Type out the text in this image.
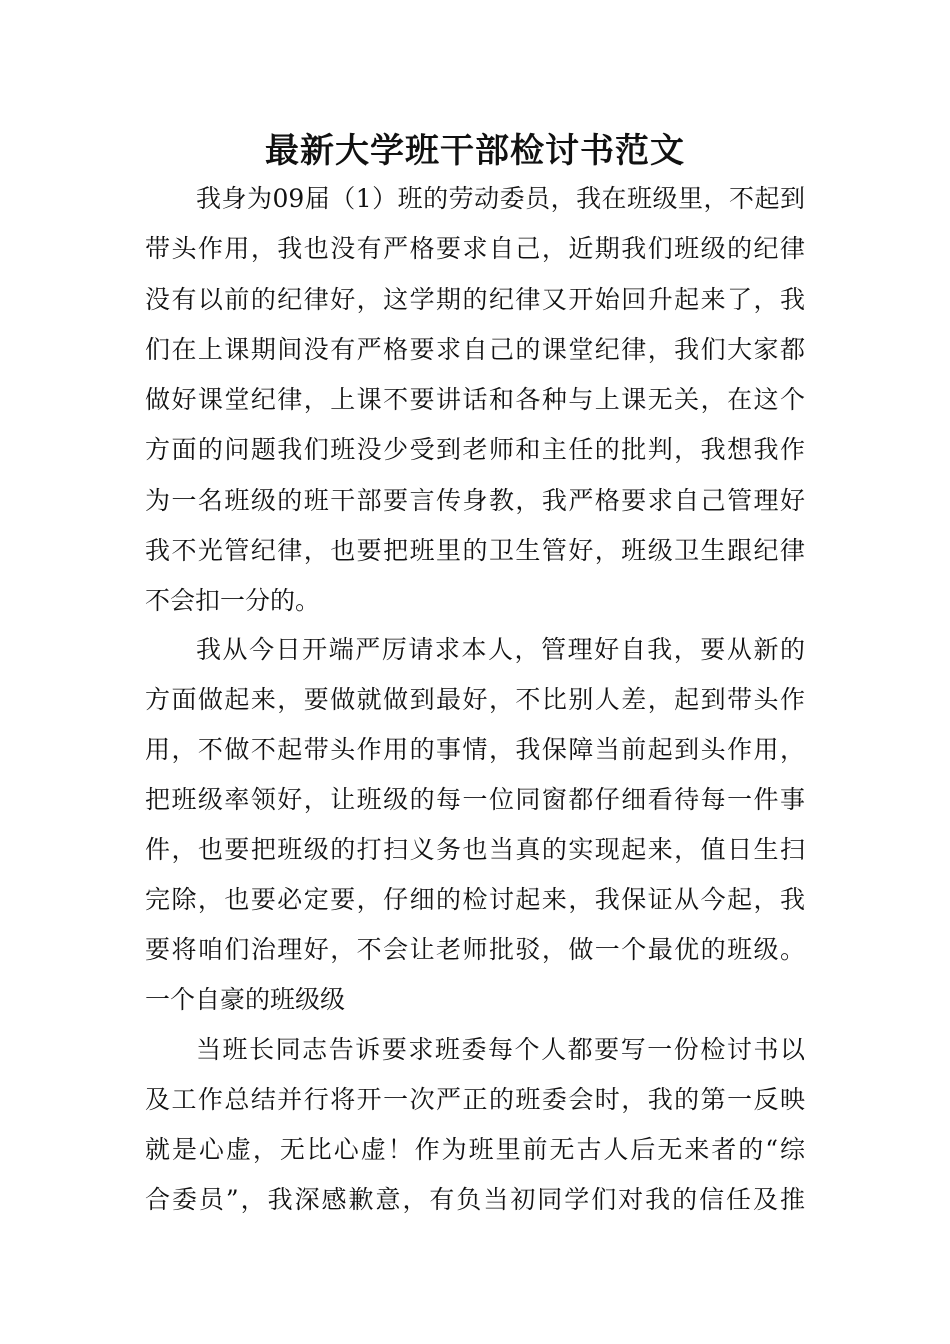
最新大学班干部检讨书范文

我身为09届（1）班的劳动委员，我在班级里，不起到

带头作用，我也没有严格要求自己，近期我们班级的纪律

没有以前的纪律好，这学期的纪律又开始回升起来了，我

们在上课期间没有严格要求自己的课堂纪律，我们大家都

做好课堂纪律，上课不要讲话和各种与上课无关，在这个

方面的问题我们班没少受到老师和主任的批判，我想我作

为一名班级的班干部要言传身教，我严格要求自己管理好

我不光管纪律，也要把班里的卫生管好，班级卫生跟纪律

不会扣一分的。

我从今日开端严厉请求本人，管理好自我，要从新的

方面做起来，要做就做到最好，不比别人差，起到带头作

用，不做不起带头作用的事情，我保障当前起到头作用，

把班级率领好，让班级的每一位同窗都仔细看待每一件事

件，也要把班级的打扫义务也当真的实现起来，值日生扫

完除，也要必定要，仔细的检讨起来，我保证从今起，我

要将咱们治理好，不会让老师批驳，做一个最优的班级。

一个自豪的班级级

当班长同志告诉要求班委每个人都要写一份检讨书以

及工作总结并行将开一次严正的班委会时，我的第一反映

就是心虚，无比心虚！作为班里前无古人后无来者的“综

合委员”，我深感歉意，有负当初同学们对我的信任及推
